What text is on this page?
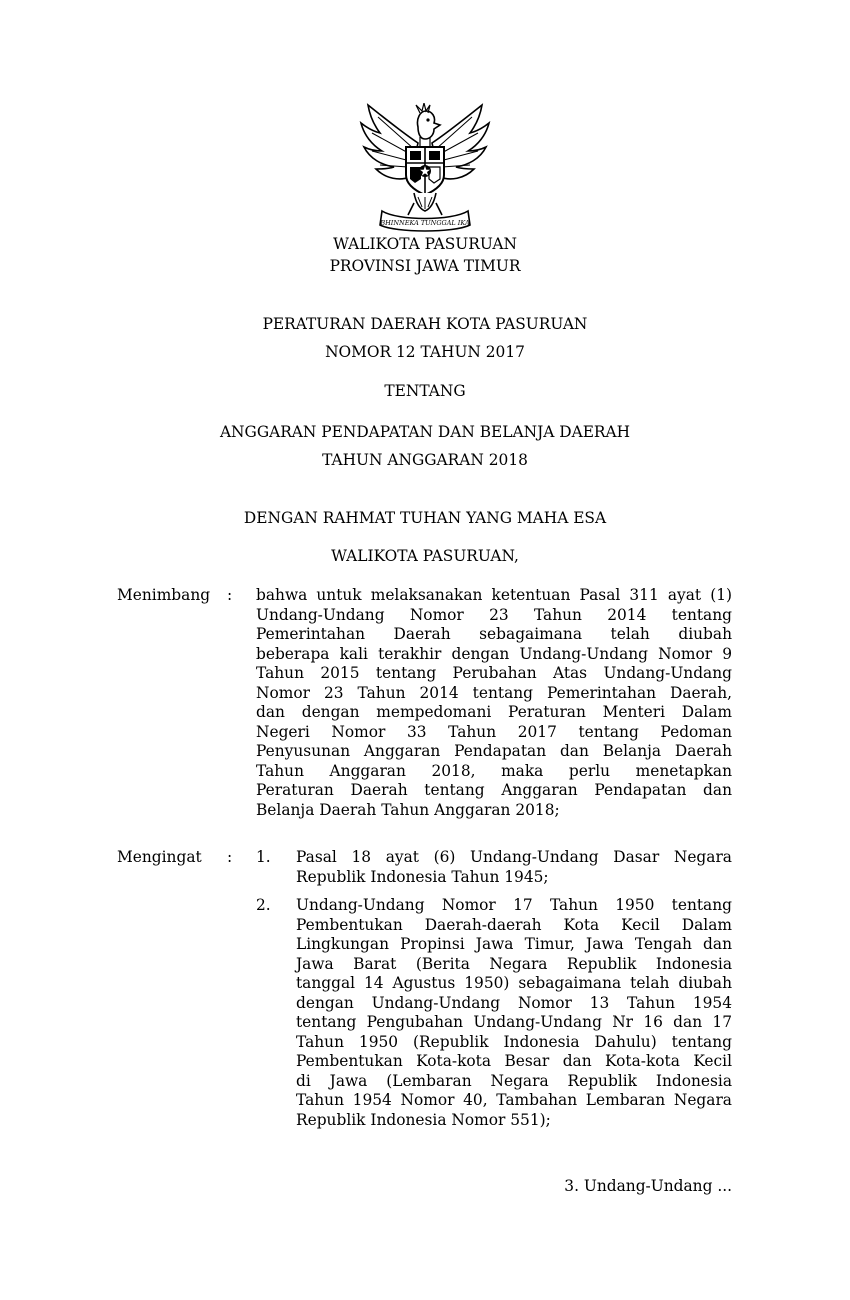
BHINNEKA TUNGGAL IKA
WALIKOTA PASURUAN
PROVINSI JAWA TIMUR
PERATURAN DAERAH KOTA PASURUAN
NOMOR 12 TAHUN 2017
TENTANG
ANGGARAN PENDAPATAN DAN BELANJA DAERAH
TAHUN ANGGARAN 2018
DENGAN RAHMAT TUHAN YANG MAHA ESA
WALIKOTA PASURUAN,
Menimbang : bahwa untuk melaksanakan ketentuan Pasal 311 ayat (1)
Undang-Undang Nomor 23 Tahun 2014 tentang
Pemerintahan Daerah sebagaimana telah diubah
beberapa kali terakhir dengan Undang-Undang Nomor 9
Tahun 2015 tentang Perubahan Atas Undang-Undang
Nomor 23 Tahun 2014 tentang Pemerintahan Daerah,
dan dengan mempedomani Peraturan Menteri Dalam
Negeri Nomor 33 Tahun 2017 tentang Pedoman
Penyusunan Anggaran Pendapatan dan Belanja Daerah
Tahun Anggaran 2018, maka perlu menetapkan
Peraturan Daerah tentang Anggaran Pendapatan dan
Belanja Daerah Tahun Anggaran 2018;
Mengingat : 1. Pasal 18 ayat (6) Undang-Undang Dasar Negara
Republik Indonesia Tahun 1945;
2. Undang-Undang Nomor 17 Tahun 1950 tentang
Pembentukan Daerah-daerah Kota Kecil Dalam
Lingkungan Propinsi Jawa Timur, Jawa Tengah dan
Jawa Barat (Berita Negara Republik Indonesia
tanggal 14 Agustus 1950) sebagaimana telah diubah
dengan Undang-Undang Nomor 13 Tahun 1954
tentang Pengubahan Undang-Undang Nr 16 dan 17
Tahun 1950 (Republik Indonesia Dahulu) tentang
Pembentukan Kota-kota Besar dan Kota-kota Kecil
di Jawa (Lembaran Negara Republik Indonesia
Tahun 1954 Nomor 40, Tambahan Lembaran Negara
Republik Indonesia Nomor 551);
3. Undang-Undang ...
